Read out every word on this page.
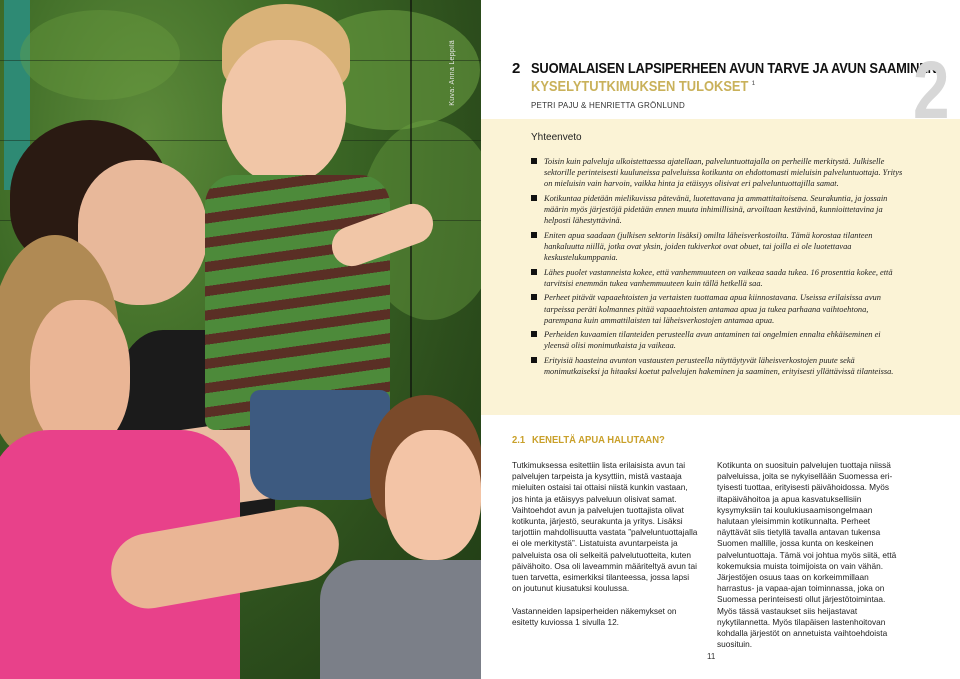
Kuva: Anna Leppilä	2 SUOMALAISEN LAPSIPERHEEN AVUN TARVE JA AVUN SAAMINEN:
KYSELYTUTKIMUKSEN TULOKSET $^1$
PETRI PAJU & HENRIETTA GRÖNLUND	2
Yhteenveto
Toisin kuin palveluja ulkoistettaessa ajatellaan, palveluntuottajalla on perheille merkitystä. Julkiselle sektorille perinteisesti kuuluneissa palveluissa kotikunta on ehdottomasti mieluisin palveluntuottaja. Yritys on mieluisin vain harvoin, vaikka hinta ja etäisyys olisivat eri palveluntuottajilla samat.
Kotikuntaa pidetään mielikuvissa pätevänä, luotettavana ja ammattitaitoisena. Seurakuntia, ja jossain määrin myös järjestöjä pidetään ennen muuta inhimillisinä, arvoiltaan kestävinä, kunnioittetavina ja helposti lähestyttävinä.
Eniten apua saadaan (julkisen sektorin lisäksi) omilta läheisverkostoilta. Tämä korostaa tilanteen hankaluutta niillä, jotka ovat yksin, joiden tukiverkot ovat obuet, tai joilla ei ole luotettavaa keskustelukumppania.
Lähes puolet vastanneista kokee, että vanhemmuuteen on vaikeaa saada tukea. 16 prosenttia kokee, että tarvitsisi enemmän tukea vanhemmuuteen kuin tällä hetkellä saa.
Perheet pitävät vapaaehtoisten ja vertaisten tuottamaa apua kiinnostavana. Useissa erilaisissa avun tarpeissa peräti kolmannes pitää vapaaehtoisten antamaa apua ja tukea parhaana vaihtoehtona, parempana kuin ammattilaisten tai läheisverkostojen antamaa apua.
Perheiden kuvaamien tilanteiden perusteella avun antaminen tai ongelmien ennalta ehkäiseminen ei yleensä olisi monimutkaista ja vaikeaa.
Erityisiä haasteina avunton vastausten perusteella näyttäytyvät läheisverkostojen puute sekä monimutkaiseksi ja hitaaksi koetut palvelujen hakeminen ja saaminen, erityisesti yllättävissä tilanteissa.
2.1 KENELTÄ APUA HALUTAAN?

Tutkimuksessa esitettiin lista erilaisista avun tai palvelujen tarpeista ja kysyttiin, mistä vastaaja mieluiten ostaisi tai ottaisi niistä kunkin vastaan, jos hinta ja etäisyys palveluun olisivat samat. Vaihtoehdot avun ja palvelujen tuottajista olivat kotikunta, järjestö, seurakunta ja yritys. Lisäksi tarjottiin mahdollisuutta vastata ”palveluntuottajalla ei ole merkitystä”. Listatuista avuntarpeista ja palveluista osa oli selkeitä palvelutuotteita, kuten päivähoito. Osa oli laveammin määriteltyä avun tai tuen tarvetta, esimerkiksi tilanteessa, jossa lapsi on joutunut kiusatuksi koulussa.

Vastanneiden lapsiperheiden näkemykset on esitetty kuviossa 1 sivulla 12.

Kotikunta on suosituin palvelujen tuottaja niissä palveluissa, joita se nykyisellään Suomessa eri-tyisesti tuottaa, erityisesti päivähoidossa. Myös iltapäivähoitoa ja apua kasvatuksellisiin kysymyksiin tai koulukiusaamisongelmaan halutaan yleisimmin kotikunnalta. Perheet näyttävät siis tietyllä tavalla antavan tukensa Suomen mallille, jossa kunta on keskeinen palveluntuottaja. Tämä voi johtua myös siitä, että kokemuksia muista toimijoista on vain vähän. Järjestöjen osuus taas on korkeimmillaan harrastus- ja vapaa-ajan toiminnassa, joka on Suomessa perinteisesti ollut järjestötoimintaa. Myös tässä vastaukset siis heijastavat nykytilannetta. Myös tilapäisen lastenhoitovan kohdalla järjestöt on annetuista vaihtoehdoista suosituin.

11
